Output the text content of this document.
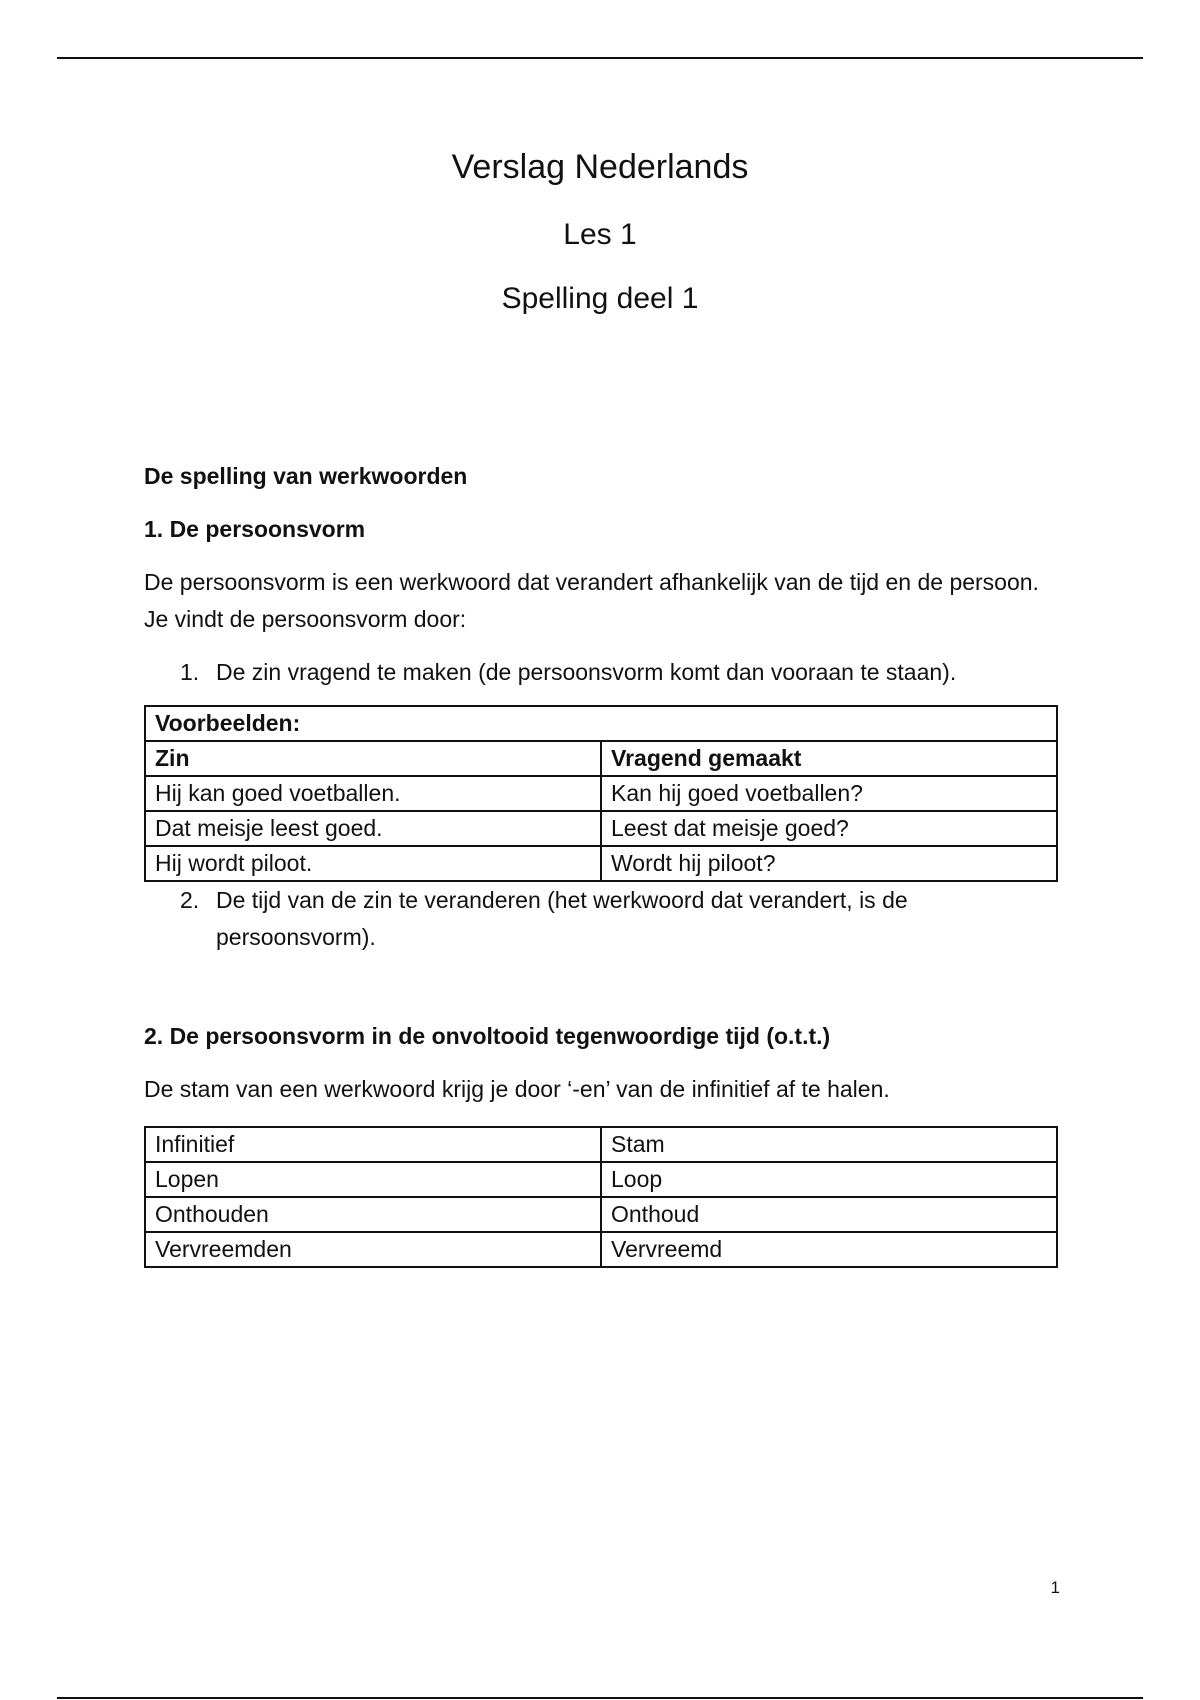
Verslag Nederlands
Les 1
Spelling deel 1

De spelling van werkwoorden

1. De persoonsvorm

De persoonsvorm is een werkwoord dat verandert afhankelijk van de tijd en de persoon. Je vindt de persoonsvorm door:

1. De zin vragend te maken (de persoonsvorm komt dan vooraan te staan).
Voorbeelden:	
Zin	Vragend gemaakt
Hij kan goed voetballen.	Kan hij goed voetballen?
Dat meisje leest goed.	Leest dat meisje goed?
Hij wordt piloot.	Wordt hij piloot?
2. De tijd van de zin te veranderen (het werkwoord dat verandert, is de persoonsvorm).

2. De persoonsvorm in de onvoltooid tegenwoordige tijd (o.t.t.)

De stam van een werkwoord krijg je door ‘-en’ van de infinitief af te halen.

Infinitief	Stam
Lopen	Loop
Onthouden	Onthoud
Vervreemden	Vervreemd
1
